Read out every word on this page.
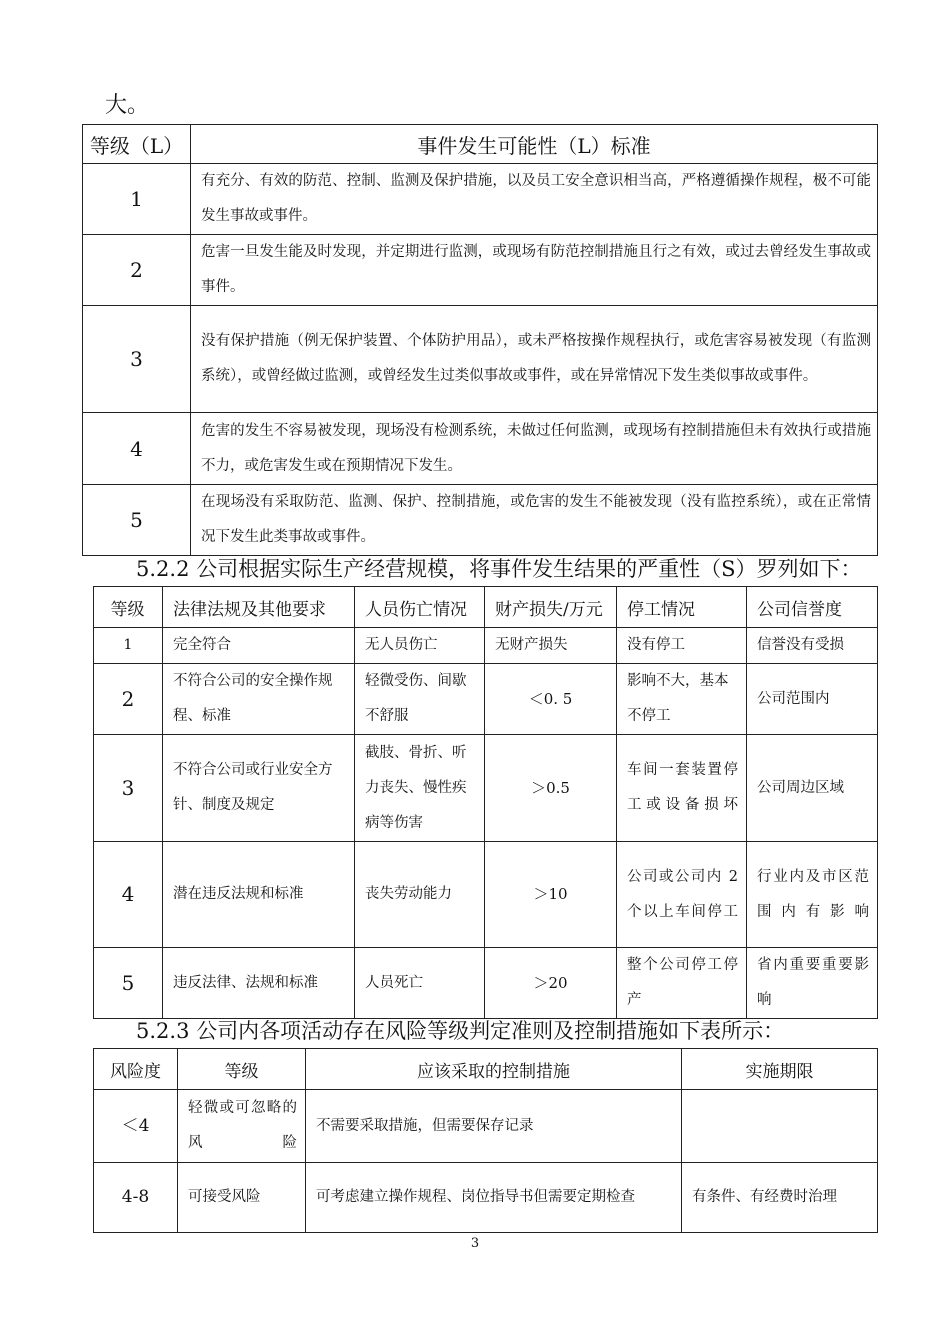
大。
等级（L）	事件发生可能性（L）标准
1	有充分、有效的防范、控制、监测及保护措施，以及员工安全意识相当高，严格遵循操作规程，极不可能发生事故或事件。
2	危害一旦发生能及时发现，并定期进行监测，或现场有防范控制措施且行之有效，或过去曾经发生事故或事件。
3	没有保护措施（例无保护装置、个体防护用品），或未严格按操作规程执行，或危害容易被发现（有监测系统），或曾经做过监测，或曾经发生过类似事故或事件，或在异常情况下发生类似事故或事件。
4	危害的发生不容易被发现，现场没有检测系统，未做过任何监测，或现场有控制措施但未有效执行或措施不力，或危害发生或在预期情况下发生。
5	在现场没有采取防范、监测、保护、控制措施，或危害的发生不能被发现（没有监控系统），或在正常情况下发生此类事故或事件。
5.2.2 公司根据实际生产经营规模，将事件发生结果的严重性（S）罗列如下：
等级	法律法规及其他要求	人员伤亡情况	财产损失/万元	停工情况	公司信誉度
1	完全符合	无人员伤亡	无财产损失	没有停工	信誉没有受损
2	不符合公司的安全操作规程、标准	轻微受伤、间歇不舒服	＜0. 5	影响不大，基本不停工	公司范围内
3	不符合公司或行业安全方针、制度及规定	截肢、骨折、听力丧失、慢性疾病等伤害	＞0.5	车间一套装置停工或设备损坏	公司周边区域
4	潜在违反法规和标准	丧失劳动能力	＞10	公司或公司内 2 个以上车间停工	行业内及市区范围内有影响
5	违反法律、法规和标准	人员死亡	＞20	整个公司停工停产	省内重要重要影响
5.2.3 公司内各项活动存在风险等级判定准则及控制措施如下表所示：
风险度	等级	应该采取的控制措施	实施期限
＜4	轻微或可忽略的风险	不需要采取措施，但需要保存记录	
4-8	可接受风险	可考虑建立操作规程、岗位指导书但需要定期检查	有条件、有经费时治理
3
